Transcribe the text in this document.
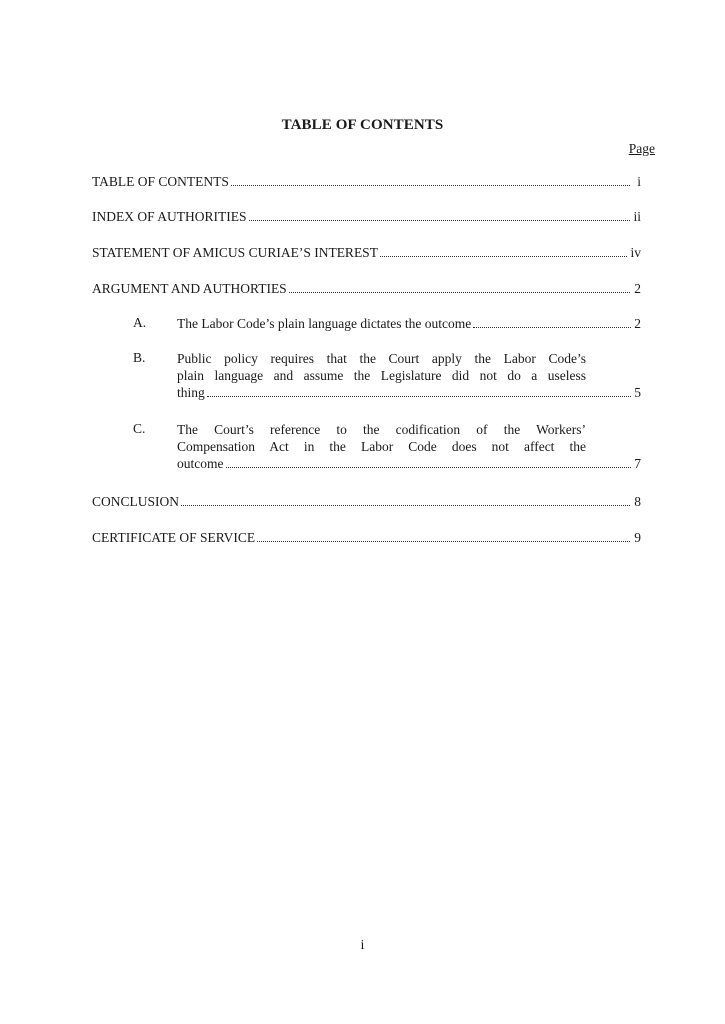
TABLE OF CONTENTS
Page
TABLE OF CONTENTS	i
INDEX OF AUTHORITIES	ii
STATEMENT OF AMICUS CURIAE’S INTEREST	iv
ARGUMENT AND AUTHORTIES	2
A. The Labor Code’s plain language dictates the outcome	2
B. Public policy requires that the Court apply the Labor Code’s
plain language and assume the Legislature did not do a useless
thing	5
C. The Court’s reference to the codification of the Workers’
Compensation Act in the Labor Code does not affect the
outcome	7
CONCLUSION	8
CERTIFICATE OF SERVICE	9
i
